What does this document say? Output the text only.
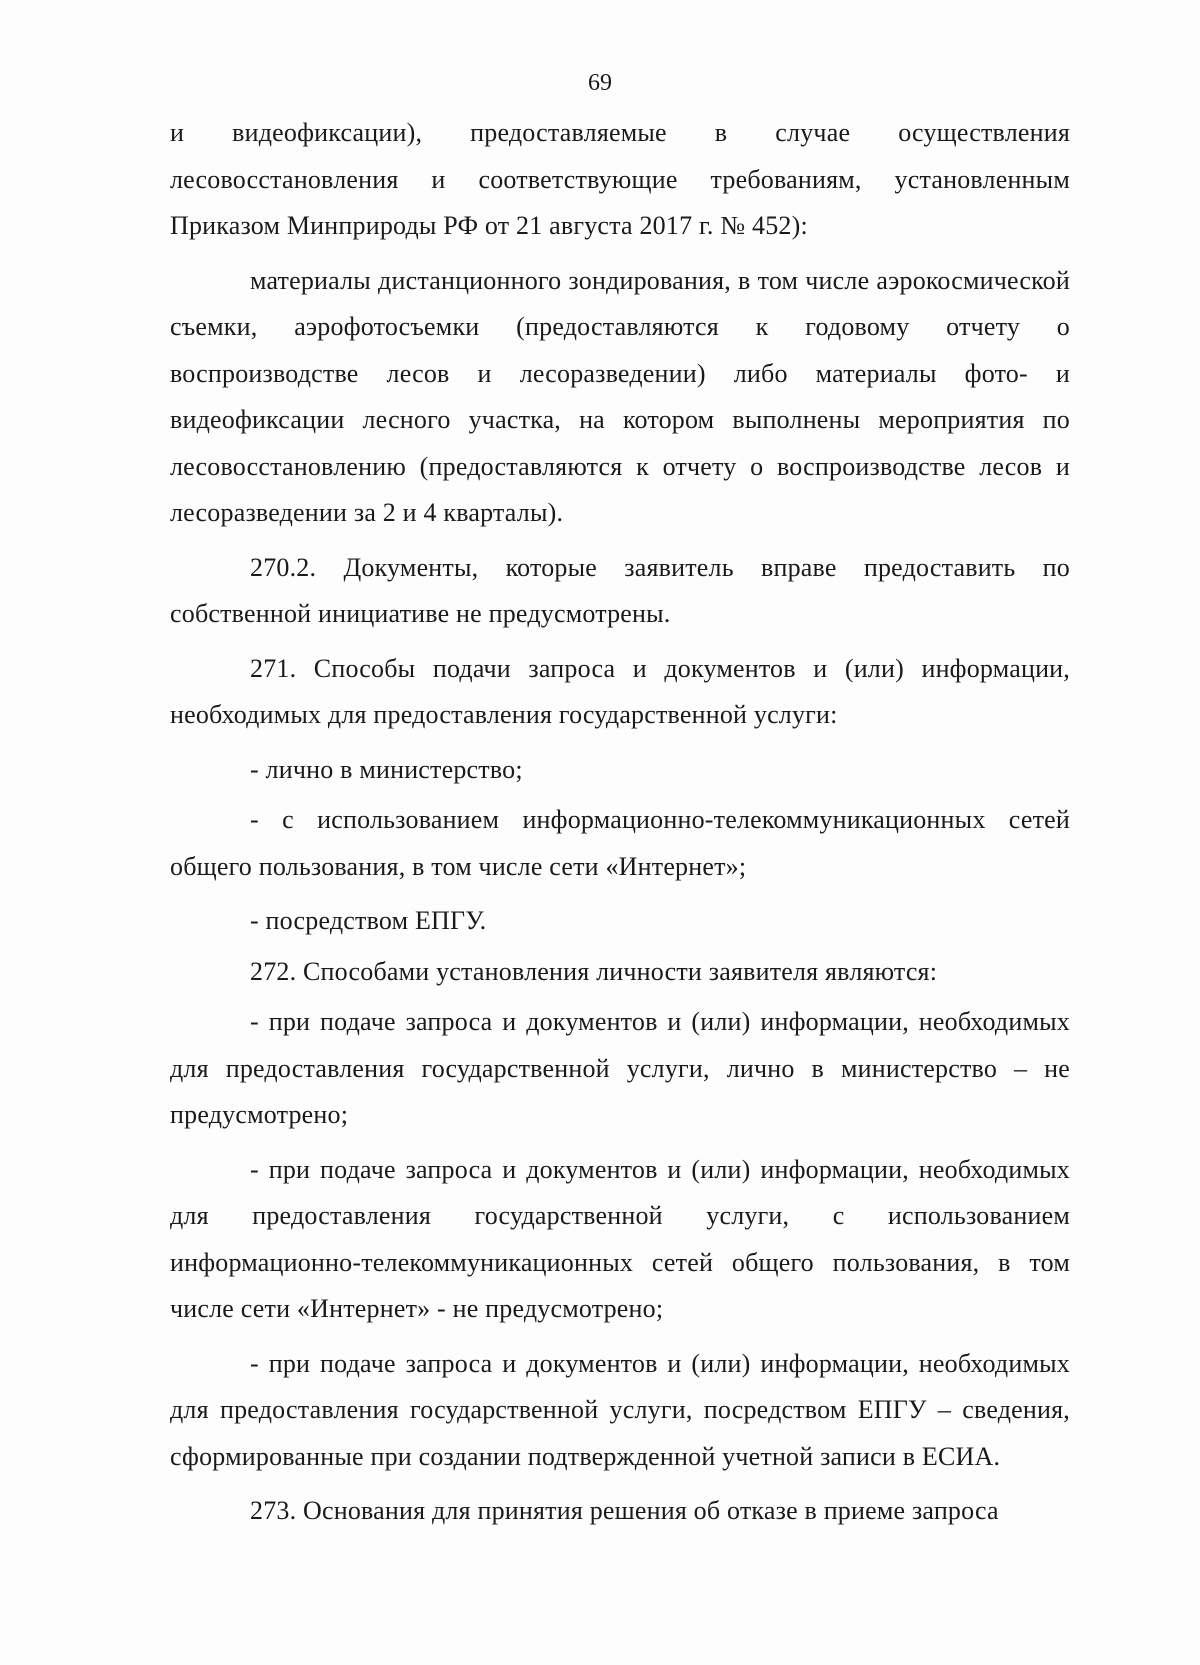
69

и видеофиксации), предоставляемые в случае осуществления лесовосстановления и соответствующие требованиям, установленным Приказом Минприроды РФ от 21 августа 2017 г. № 452):

материалы дистанционного зондирования, в том числе аэрокосмической съемки, аэрофотосъемки (предоставляются к годовому отчету о воспроизводстве лесов и лесоразведении) либо материалы фото- и видеофиксации лесного участка, на котором выполнены мероприятия по лесовосстановлению (предоставляются к отчету о воспроизводстве лесов и лесоразведении за 2 и 4 кварталы).

270.2. Документы, которые заявитель вправе предоставить по собственной инициативе не предусмотрены.

271. Способы подачи запроса и документов и (или) информации, необходимых для предоставления государственной услуги:

- лично в министерство;

- с использованием информационно-телекоммуникационных сетей общего пользования, в том числе сети «Интернет»;

- посредством ЕПГУ.

272. Способами установления личности заявителя являются:

- при подаче запроса и документов и (или) информации, необходимых для предоставления государственной услуги, лично в министерство – не предусмотрено;

- при подаче запроса и документов и (или) информации, необходимых для предоставления государственной услуги, с использованием информационно-телекоммуникационных сетей общего пользования, в том числе сети «Интернет» - не предусмотрено;

- при подаче запроса и документов и (или) информации, необходимых для предоставления государственной услуги, посредством ЕПГУ – сведения, сформированные при создании подтвержденной учетной записи в ЕСИА.

273. Основания для принятия решения об отказе в приеме запроса
